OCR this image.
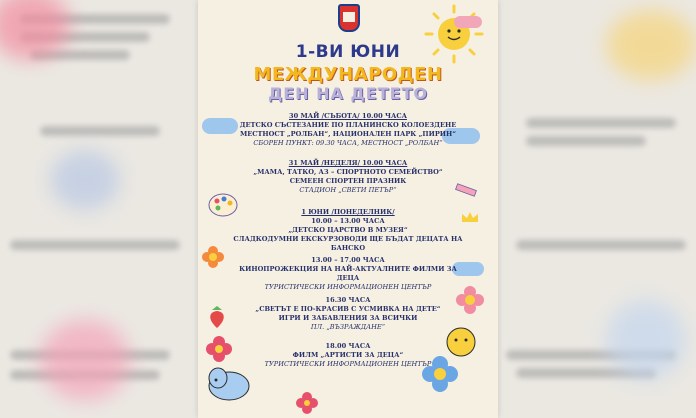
1-ВИ ЮНИ
МЕЖДУНАРОДЕН
ДЕН НА ДЕТЕТО
30 МАЙ /СЪБОТА/ 10.00 ЧАСА
ДЕТСКО СЪСТЕЗАНИЕ ПО ПЛАНИНСКО КОЛОЕЗДЕНЕ
МЕСТНОСТ „РОЛБАН“, НАЦИОНАЛЕН ПАРК „ПИРИН“
СБОРЕН ПУНКТ: 09.30 ЧАСА, МЕСТНОСТ „РОЛБАН“
31 МАЙ /НЕДЕЛЯ/ 10.00 ЧАСА
„МАМА, ТАТКО, АЗ – СПОРТНОТО СЕМЕЙСТВО“
СЕМЕЕН СПОРТЕН ПРАЗНИК
СТАДИОН „СВЕТИ ПЕТЪР“
1 ЮНИ /ПОНЕДЕЛНИК/
10.00 – 13.00 ЧАСА
„ДЕТСКО ЦАРСТВО В МУЗЕЯ“
СЛАДКОДУМНИ ЕКСКУРЗОВОДИ ЩЕ БЪДАТ ДЕЦАТА НА БАНСКО
13.00 – 17.00 ЧАСА
КИНОПРОЖЕКЦИЯ НА НАЙ-АКТУАЛНИТЕ ФИЛМИ ЗА ДЕЦА
ТУРИСТИЧЕСКИ ИНФОРМАЦИОНЕН ЦЕНТЪР
16.30 ЧАСА
„СВЕТЪТ Е ПО-КРАСИВ С УСМИВКА НА ДЕТЕ“
ИГРИ И ЗАБАВЛЕНИЯ ЗА ВСИЧКИ
ПЛ. „ВЪЗРАЖДАНЕ“
18.00 ЧАСА
ФИЛМ „АРТИСТИ ЗА ДЕЦА“
ТУРИСТИЧЕСКИ ИНФОРМАЦИОНЕН ЦЕНТЪР
